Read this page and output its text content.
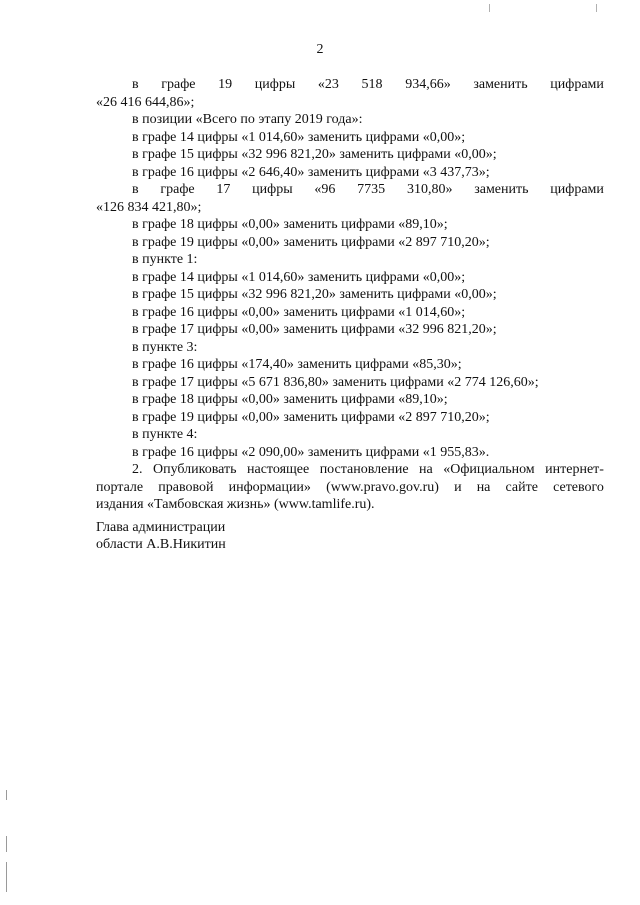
2
в графе 19 цифры «23 518 934,66» заменить цифрами
«26 416 644,86»;
в позиции «Всего по этапу 2019 года»:
в графе 14 цифры «1 014,60» заменить цифрами «0,00»;
в графе 15 цифры «32 996 821,20» заменить цифрами «0,00»;
в графе 16 цифры «2 646,40» заменить цифрами «3 437,73»;
в графе 17 цифры «96 7735 310,80» заменить цифрами
«126 834 421,80»;
в графе 18 цифры «0,00» заменить цифрами «89,10»;
в графе 19 цифры «0,00» заменить цифрами «2 897 710,20»;
в пункте 1:
в графе 14 цифры «1 014,60» заменить цифрами «0,00»;
в графе 15 цифры «32 996 821,20» заменить цифрами «0,00»;
в графе 16 цифры «0,00» заменить цифрами «1 014,60»;
в графе 17 цифры «0,00» заменить цифрами «32 996 821,20»;
в пункте 3:
в графе 16 цифры «174,40» заменить цифрами «85,30»;
в графе 17 цифры «5 671 836,80» заменить цифрами «2 774 126,60»;
в графе 18 цифры «0,00» заменить цифрами «89,10»;
в графе 19 цифры «0,00» заменить цифрами «2 897 710,20»;
в пункте 4:
в графе 16 цифры «2 090,00» заменить цифрами «1 955,83».
2. Опубликовать настоящее постановление на «Официальном интернет-
портале правовой информации» (www.pravo.gov.ru) и на сайте сетевого
издания «Тамбовская жизнь» (www.tamlife.ru).
Глава администрации
области А.В.Никитин
